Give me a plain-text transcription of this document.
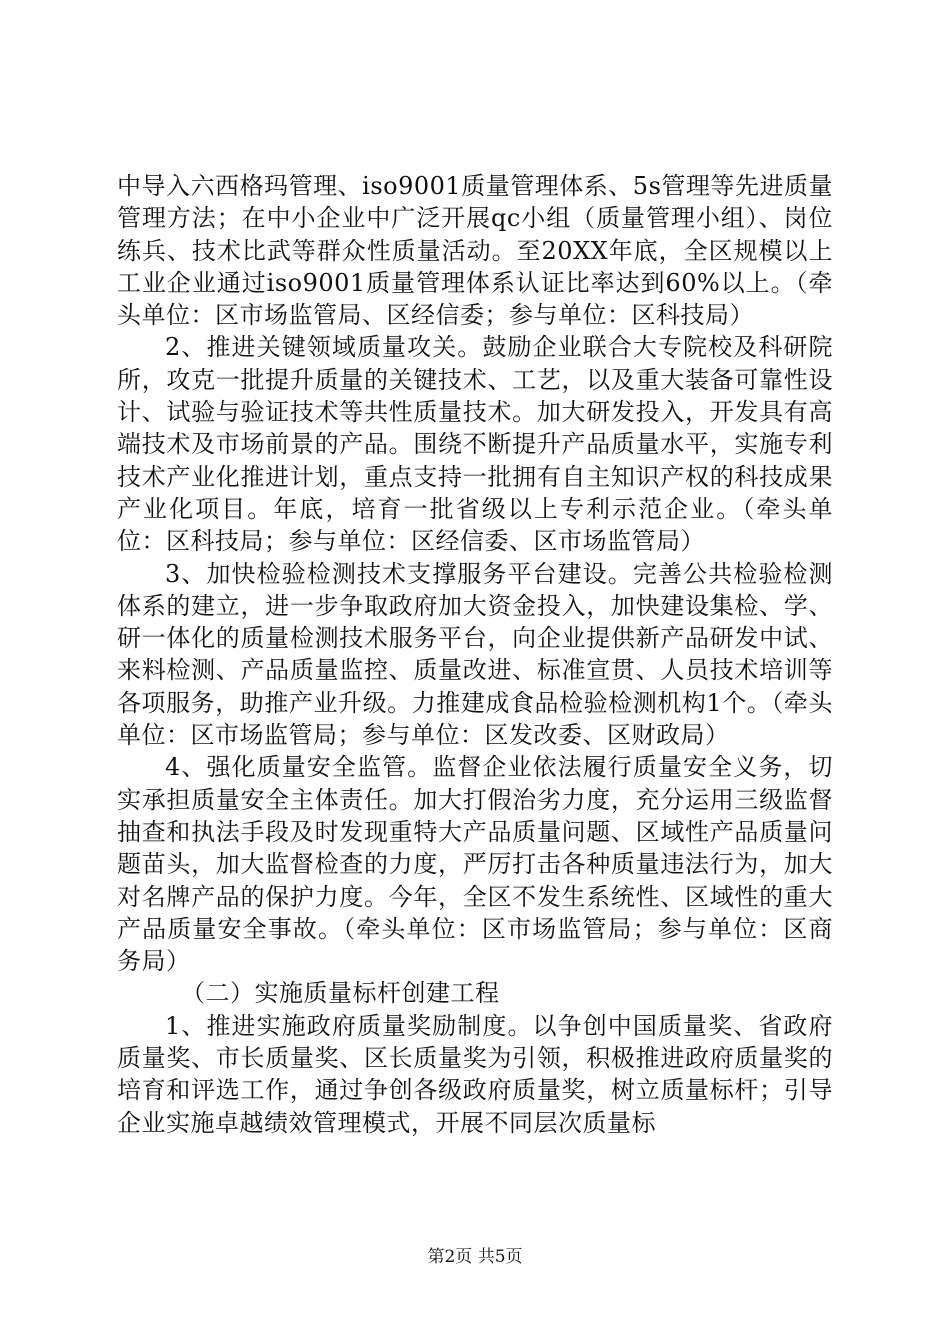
中导入六西格玛管理、iso9001质量管理体系、5s管理等先进质量管理方法；在中小企业中广泛开展qc小组（质量管理小组）、岗位练兵、技术比武等群众性质量活动。至20XX年底，全区规模以上工业企业通过iso9001质量管理体系认证比率达到60%以上。（牵头单位：区市场监管局、区经信委；参与单位：区科技局）

2、推进关键领域质量攻关。鼓励企业联合大专院校及科研院所，攻克一批提升质量的关键技术、工艺，以及重大装备可靠性设计、试验与验证技术等共性质量技术。加大研发投入，开发具有高端技术及市场前景的产品。围绕不断提升产品质量水平，实施专利技术产业化推进计划，重点支持一批拥有自主知识产权的科技成果产业化项目。年底，培育一批省级以上专利示范企业。（牵头单位：区科技局；参与单位：区经信委、区市场监管局）

3、加快检验检测技术支撑服务平台建设。完善公共检验检测体系的建立，进一步争取政府加大资金投入，加快建设集检、学、研一体化的质量检测技术服务平台，向企业提供新产品研发中试、来料检测、产品质量监控、质量改进、标准宣贯、人员技术培训等各项服务，助推产业升级。力推建成食品检验检测机构1个。（牵头单位：区市场监管局；参与单位：区发改委、区财政局）

4、强化质量安全监管。监督企业依法履行质量安全义务，切实承担质量安全主体责任。加大打假治劣力度，充分运用三级监督抽查和执法手段及时发现重特大产品质量问题、区域性产品质量问题苗头，加大监督检查的力度，严厉打击各种质量违法行为，加大对名牌产品的保护力度。今年，全区不发生系统性、区域性的重大产品质量安全事故。（牵头单位：区市场监管局；参与单位：区商务局）

（二）实施质量标杆创建工程

1、推进实施政府质量奖励制度。以争创中国质量奖、省政府质量奖、市长质量奖、区长质量奖为引领，积极推进政府质量奖的培育和评选工作，通过争创各级政府质量奖，树立质量标杆；引导企业实施卓越绩效管理模式，开展不同层次质量标

第2页 共5页
